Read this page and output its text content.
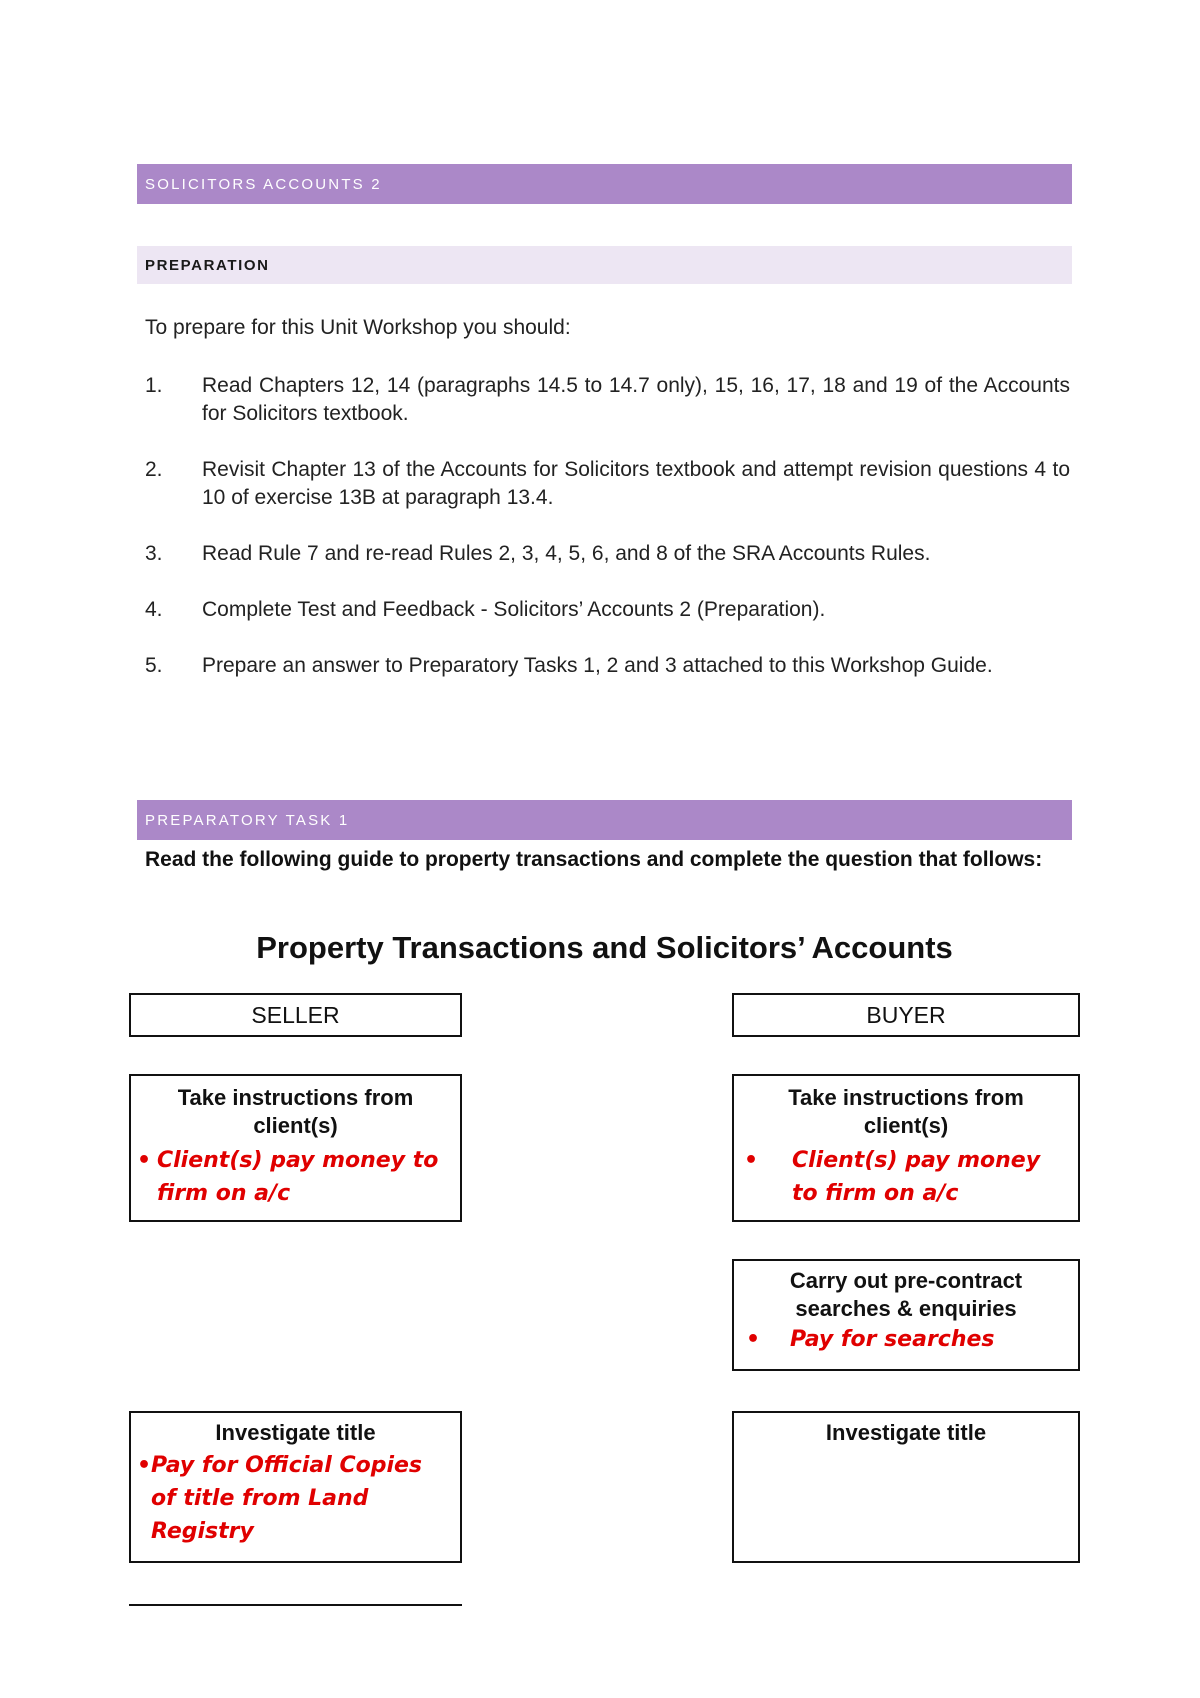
SOLICITORS ACCOUNTS 2
PREPARATION
To prepare for this Unit Workshop you should:
1.	Read Chapters 12, 14 (paragraphs 14.5 to 14.7 only), 15, 16, 17, 18 and 19 of the Accounts for Solicitors textbook.
2.	Revisit Chapter 13 of the Accounts for Solicitors textbook and attempt revision questions 4 to 10 of exercise 13B at paragraph 13.4.
3.	Read Rule 7 and re-read Rules 2, 3, 4, 5, 6, and 8 of the SRA Accounts Rules.
4.	Complete Test and Feedback - Solicitors’ Accounts 2 (Preparation).
5.	Prepare an answer to Preparatory Tasks 1, 2 and 3 attached to this Workshop Guide.
PREPARATORY TASK 1
Read the following guide to property transactions and complete the question that follows:
Property Transactions and Solicitors’ Accounts
SELLER	BUYER
Take instructions from client(s)
• Client(s) pay money to firm on a/c
Take instructions from client(s)
•	Client(s) pay money to firm on a/c
Carry out pre-contract searches & enquiries
•	Pay for searches
Investigate title
• Pay for Official Copies of title from Land Registry
Investigate title
